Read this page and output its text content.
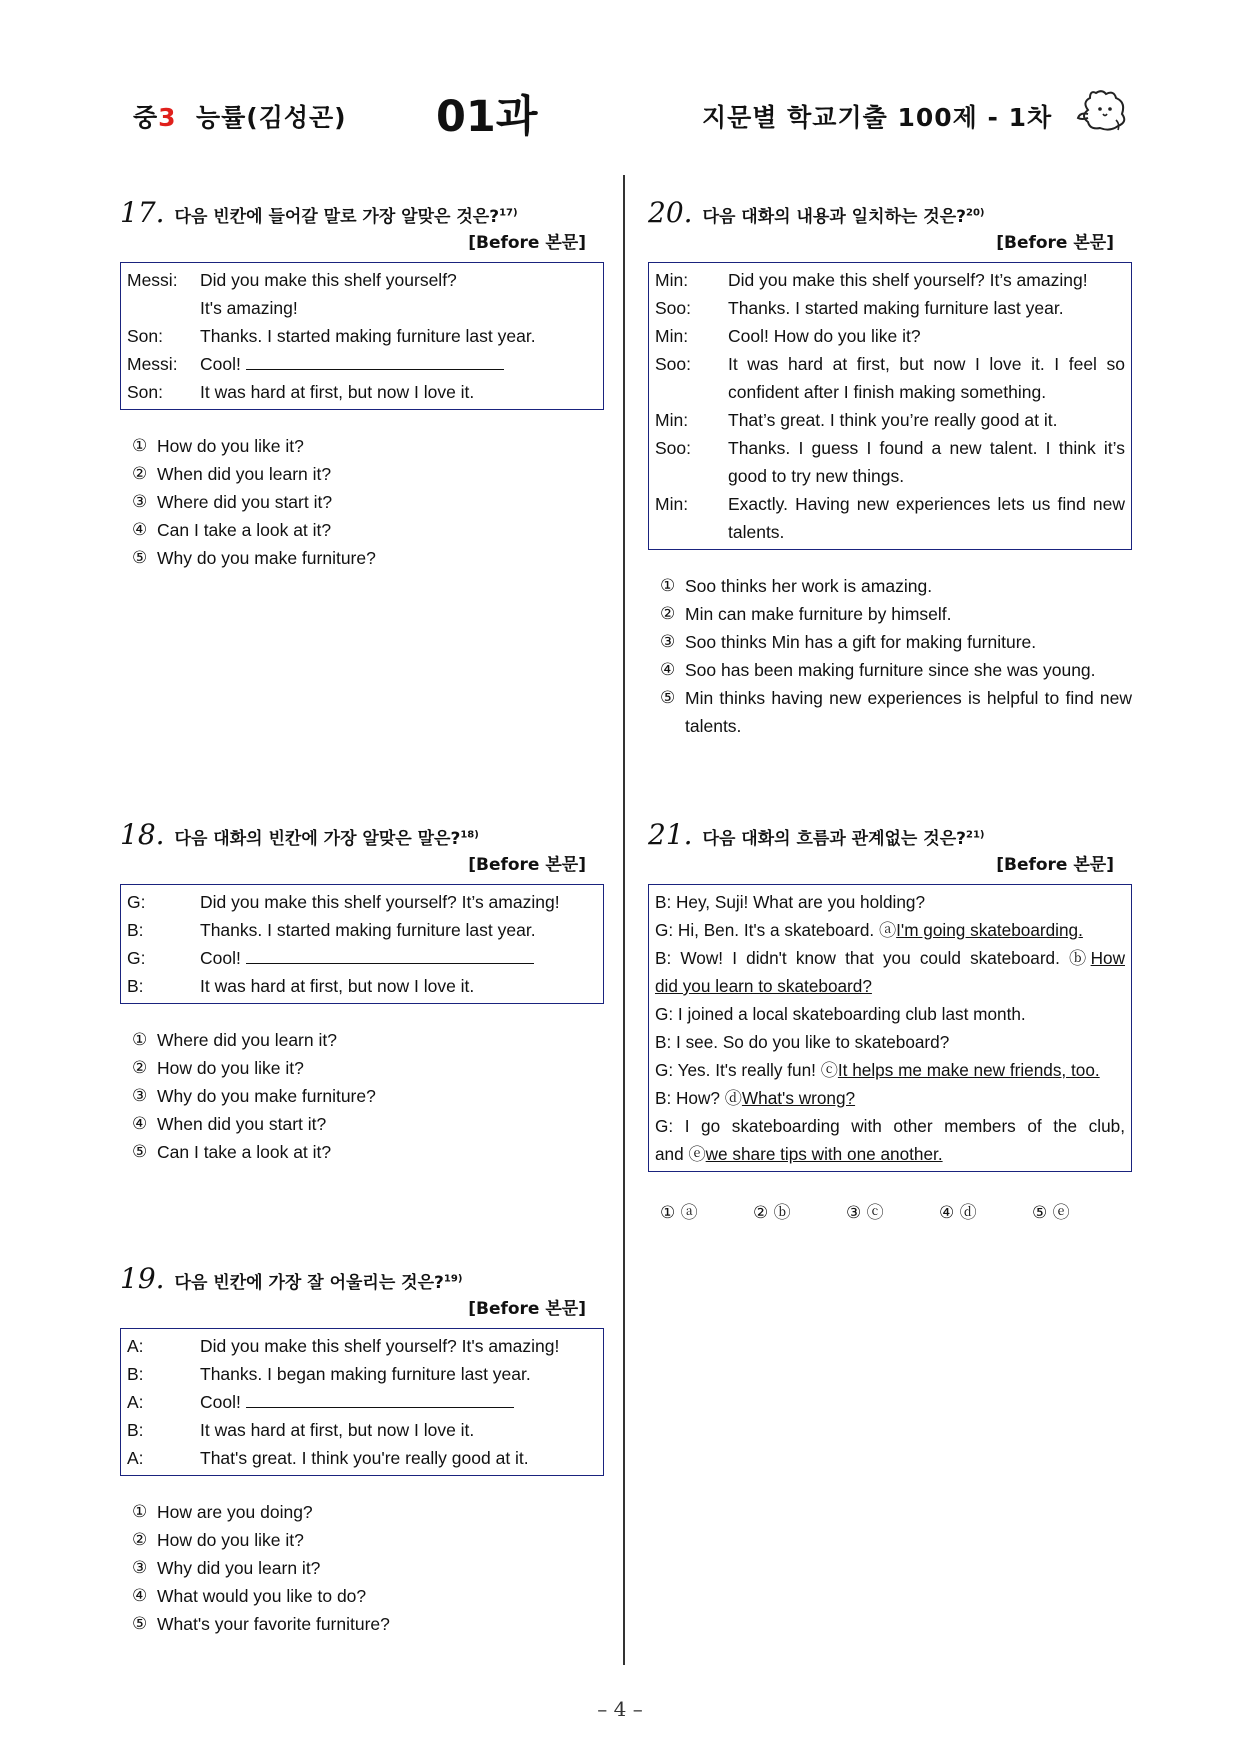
중3 능률(김성곤) 01과	지문별 학교기출 100제 - 1차
17. 다음 빈칸에 들어갈 말로 가장 알맞은 것은?$^{17)}$
[Before 본문]
Messi:	Did you make this shelf yourself?
It's amazing!
Son:	Thanks. I started making furniture last year.
Messi:	Cool!
Son:	It was hard at first, but now I love it.
① How do you like it?
② When did you learn it?
③ Where did you start it?
④ Can I take a look at it?
⑤ Why do you make furniture?
18. 다음 대화의 빈칸에 가장 알맞은 말은?$^{18)}$
[Before 본문]
G:	Did you make this shelf yourself? It’s amazing!
B:	Thanks. I started making furniture last year.
G:	Cool!
B:	It was hard at first, but now I love it.
① Where did you learn it?
② How do you like it?
③ Why do you make furniture?
④ When did you start it?
⑤ Can I take a look at it?
19. 다음 빈칸에 가장 잘 어울리는 것은?$^{19)}$
[Before 본문]
A:	Did you make this shelf yourself? It's amazing!
B:	Thanks. I began making furniture last year.
A:	Cool!
B:	It was hard at first, but now I love it.
A:	That's great. I think you're really good at it.
① How are you doing?
② How do you like it?
③ Why did you learn it?
④ What would you like to do?
⑤ What's your favorite furniture?
20. 다음 대화의 내용과 일치하는 것은?$^{20)}$
[Before 본문]
Min:	Did you make this shelf yourself? It’s amazing!
Soo:	Thanks. I started making furniture last year.
Min:	Cool! How do you like it?
Soo:	It was hard at first, but now I love it. I feel so confident after I finish making something.
Min:	That’s great. I think you’re really good at it.
Soo:	Thanks. I guess I found a new talent. I think it’s good to try new things.
Min:	Exactly. Having new experiences lets us find new talents.
① Soo thinks her work is amazing.
② Min can make furniture by himself.
③ Soo thinks Min has a gift for making furniture.
④ Soo has been making furniture since she was young.
⑤ Min thinks having new experiences is helpful to find new talents.
21. 다음 대화의 흐름과 관계없는 것은?$^{21)}$
[Before 본문]
B: Hey, Suji! What are you holding?
G: Hi, Ben. It's a skateboard. ⓐI'm going skateboarding.
B: Wow! I didn't know that you could skateboard. ⓑHow
did you learn to skateboard?
G: I joined a local skateboarding club last month.
B: I see. So do you like to skateboard?
G: Yes. It's really fun! ⓒIt helps me make new friends, too.
B: How? ⓓWhat's wrong?
G: I go skateboarding with other members of the club,
and ⓔwe share tips with one another.
① ⓐ	② ⓑ	③ ⓒ	④ ⓓ	⑤ ⓔ
– 4 –
